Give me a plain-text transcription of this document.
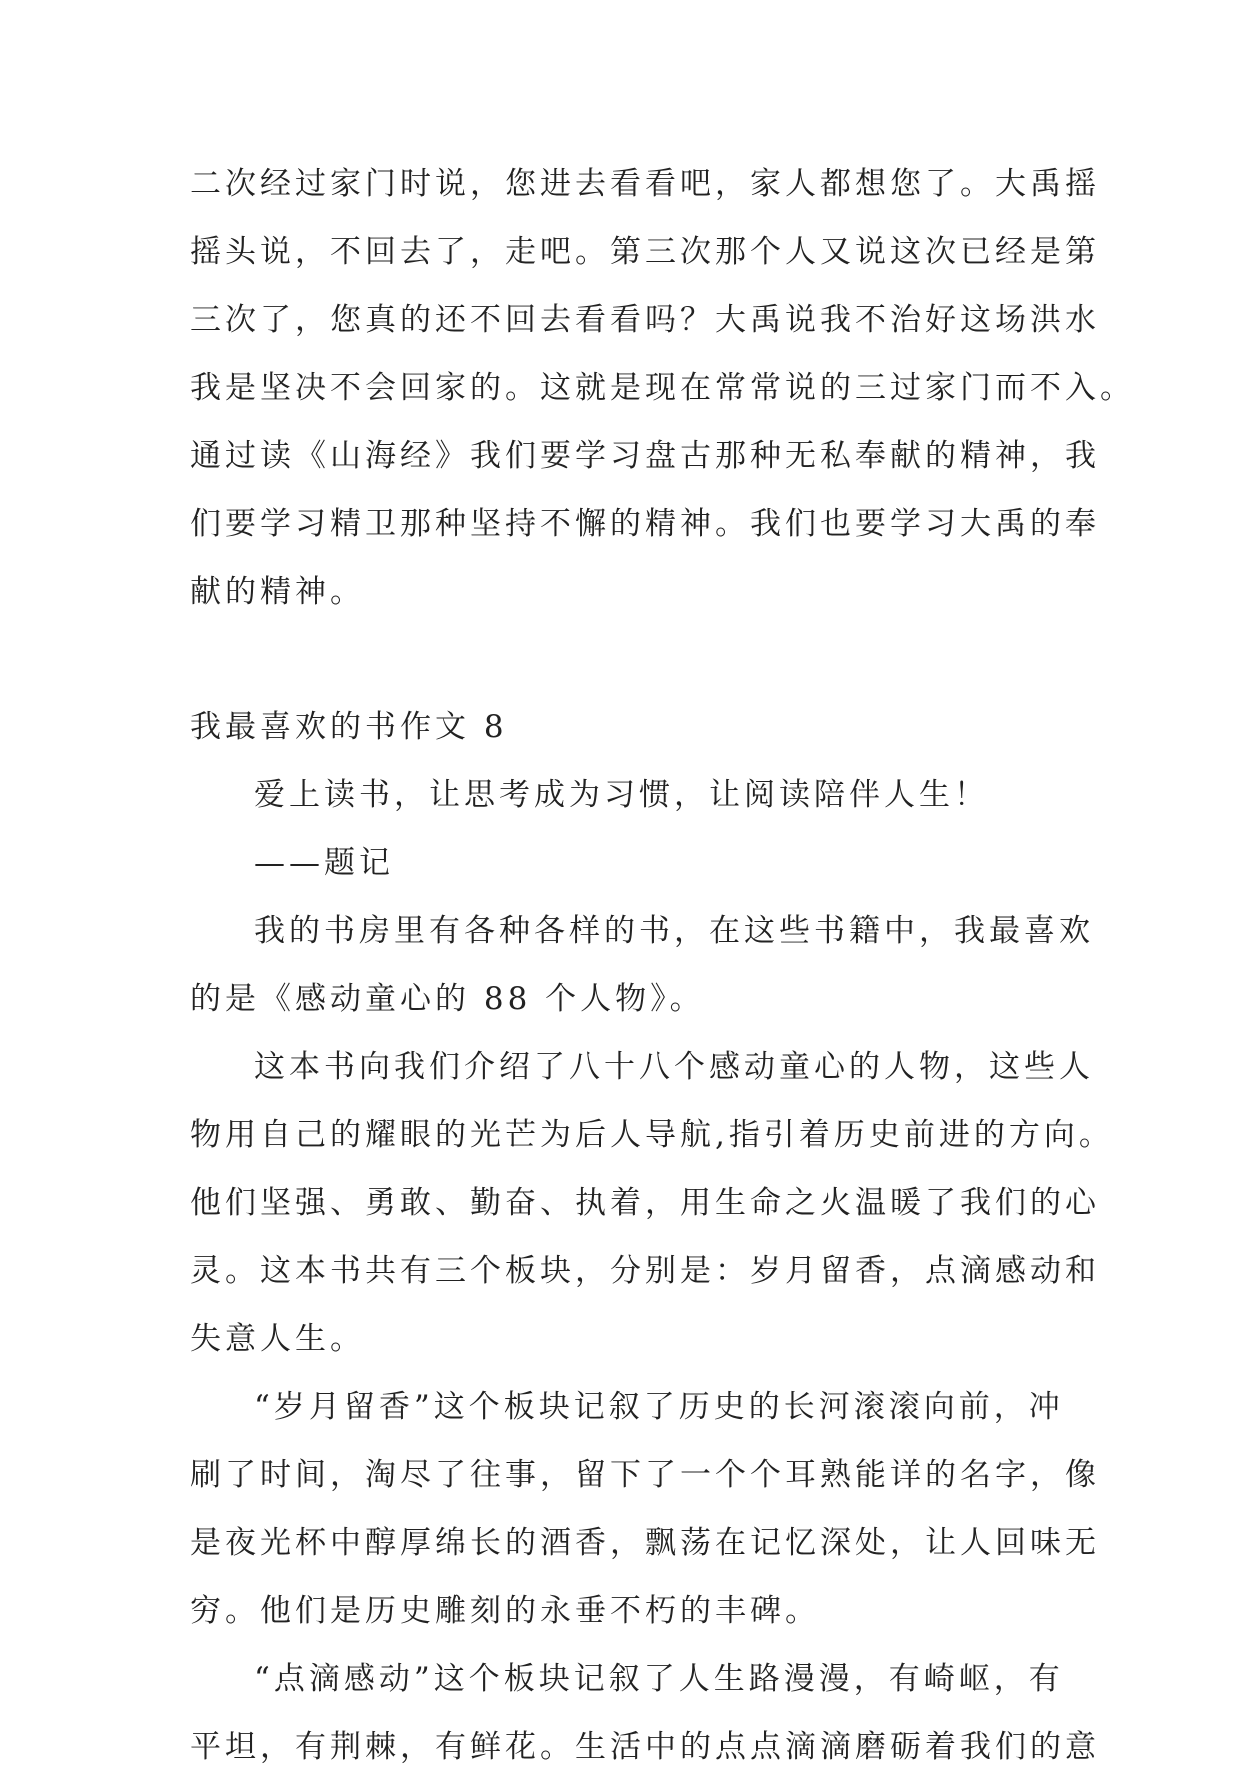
二次经过家门时说，您进去看看吧，家人都想您了。大禹摇
摇头说，不回去了，走吧。第三次那个人又说这次已经是第
三次了，您真的还不回去看看吗？大禹说我不治好这场洪水
我是坚决不会回家的。这就是现在常常说的三过家门而不入。
通过读《山海经》我们要学习盘古那种无私奉献的精神，我
们要学习精卫那种坚持不懈的精神。我们也要学习大禹的奉
献的精神。
我最喜欢的书作文 8
爱上读书，让思考成为习惯，让阅读陪伴人生！
——题记
我的书房里有各种各样的书，在这些书籍中，我最喜欢
的是《感动童心的 88 个人物》。
这本书向我们介绍了八十八个感动童心的人物，这些人
物用自己的耀眼的光芒为后人导航,指引着历史前进的方向。
他们坚强、勇敢、勤奋、执着，用生命之火温暖了我们的心
灵。这本书共有三个板块，分别是：岁月留香，点滴感动和
失意人生。
“岁月留香”这个板块记叙了历史的长河滚滚向前，冲
刷了时间，淘尽了往事，留下了一个个耳熟能详的名字，像
是夜光杯中醇厚绵长的酒香，飘荡在记忆深处，让人回味无
穷。他们是历史雕刻的永垂不朽的丰碑。
“点滴感动”这个板块记叙了人生路漫漫，有崎岖，有
平坦，有荆棘，有鲜花。生活中的点点滴滴磨砺着我们的意
